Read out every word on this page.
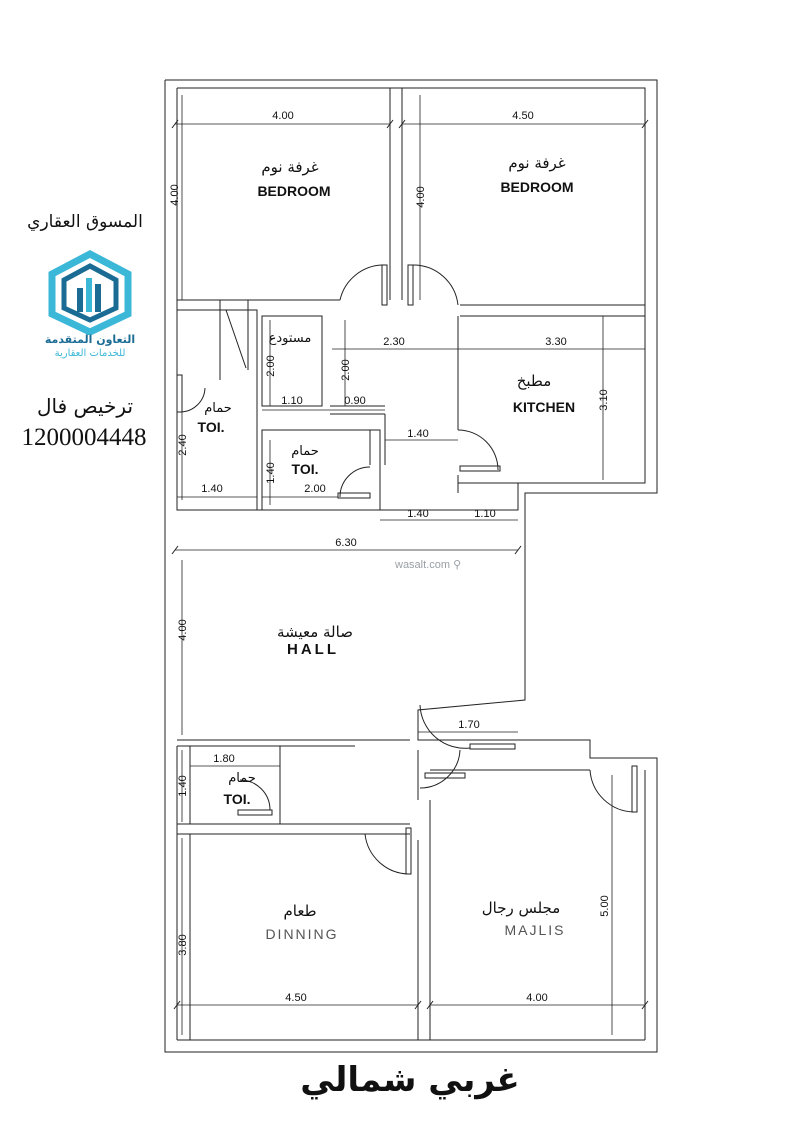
4.00	4.50
4.00	4.00
2.30	3.30
3.10
2.00	2.00
1.10	0.90
2.40
1.40
1.40
2.00
1.40
1.40	1.10
6.30
4.00
1.70
1.80
1.40
3.80
4.50	4.00
5.00
غرفة نوم
BEDROOM
غرفة نوم
BEDROOM
مستودع
مطبخ
KITCHEN
حمام
TOI.
حمام
TOI.
صالة معيشة
HALL
حمام
TOI.
طعام
DINNING
مجلس رجال
MAJLIS
wasalt.com ⚲
المسوق العقاري
التعاون المتقدمة
للخدمات العقارية
ترخيص فال
1200004448
غربي شمالي
